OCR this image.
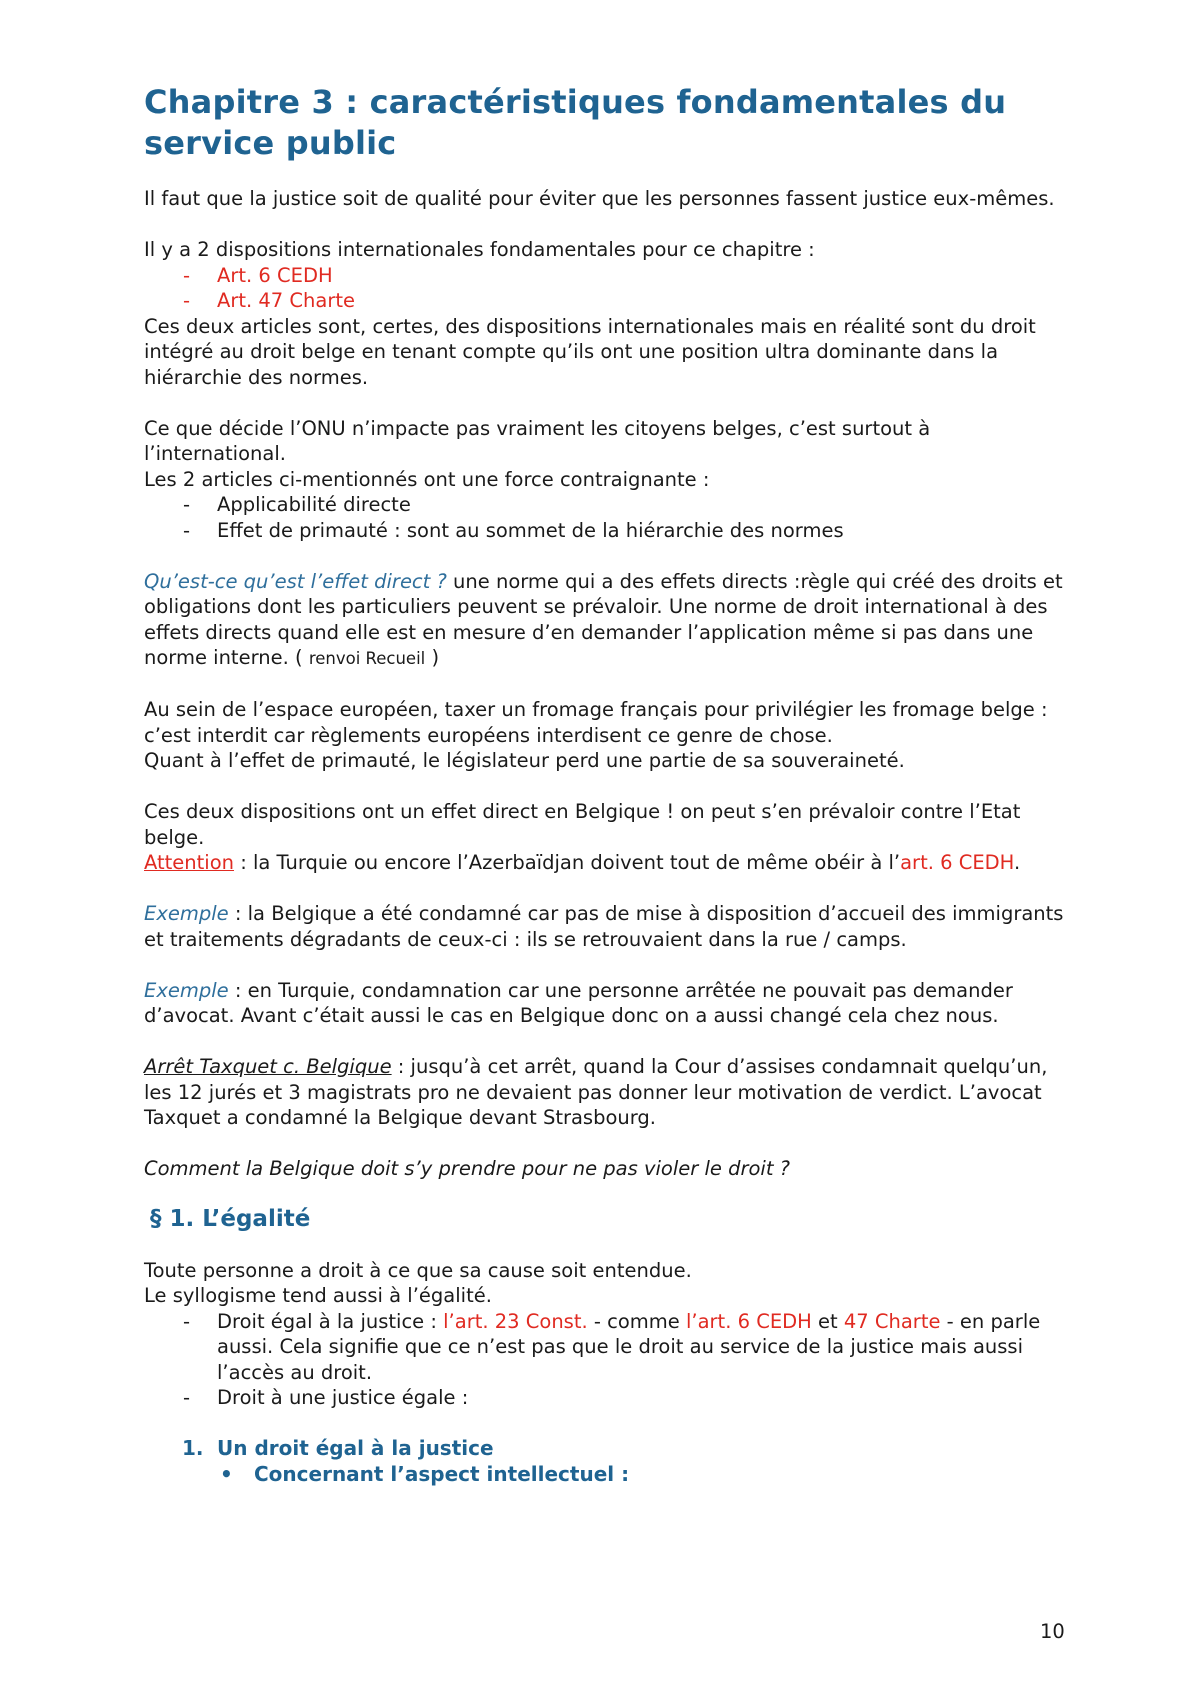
Chapitre 3 : caractéristiques fondamentales du service public

Il faut que la justice soit de qualité pour éviter que les personnes fassent justice eux-mêmes.

Il y a 2 dispositions internationales fondamentales pour ce chapitre :

- Art. 6 CEDH
- Art. 47 Charte

Ces deux articles sont, certes, des dispositions internationales mais en réalité sont du droit intégré au droit belge en tenant compte qu’ils ont une position ultra dominante dans la hiérarchie des normes.

Ce que décide l’ONU n’impacte pas vraiment les citoyens belges, c’est surtout à l’international.

Les 2 articles ci-mentionnés ont une force contraignante :

- Applicabilité directe
- Effet de primauté : sont au sommet de la hiérarchie des normes

Qu’est-ce qu’est l’effet direct ? une norme qui a des effets directs :règle qui créé des droits et obligations dont les particuliers peuvent se prévaloir. Une norme de droit international à des effets directs quand elle est en mesure d’en demander l’application même si pas dans une norme interne. ( renvoi Recueil )

Au sein de l’espace européen, taxer un fromage français pour privilégier les fromage belge : c’est interdit car règlements européens interdisent ce genre de chose.

Quant à l’effet de primauté, le législateur perd une partie de sa souveraineté.

Ces deux dispositions ont un effet direct en Belgique ! on peut s’en prévaloir contre l’Etat belge.

Attention : la Turquie ou encore l’Azerbaïdjan doivent tout de même obéir à l’art. 6 CEDH.

Exemple : la Belgique a été condamné car pas de mise à disposition d’accueil des immigrants et traitements dégradants de ceux-ci : ils se retrouvaient dans la rue / camps.

Exemple : en Turquie, condamnation car une personne arrêtée ne pouvait pas demander d’avocat. Avant c’était aussi le cas en Belgique donc on a aussi changé cela chez nous.

Arrêt Taxquet c. Belgique : jusqu’à cet arrêt, quand la Cour d’assises condamnait quelqu’un, les 12 jurés et 3 magistrats pro ne devaient pas donner leur motivation de verdict. L’avocat Taxquet a condamné la Belgique devant Strasbourg.

Comment la Belgique doit s’y prendre pour ne pas violer le droit ?

§ 1. L’égalité

Toute personne a droit à ce que sa cause soit entendue.

Le syllogisme tend aussi à l’égalité.

- Droit égal à la justice : l’art. 23 Const. - comme l’art. 6 CEDH et 47 Charte - en parle aussi. Cela signifie que ce n’est pas que le droit au service de la justice mais aussi l’accès au droit.
- Droit à une justice égale :
1. Un droit égal à la justice
• Concernant l’aspect intellectuel :
10
